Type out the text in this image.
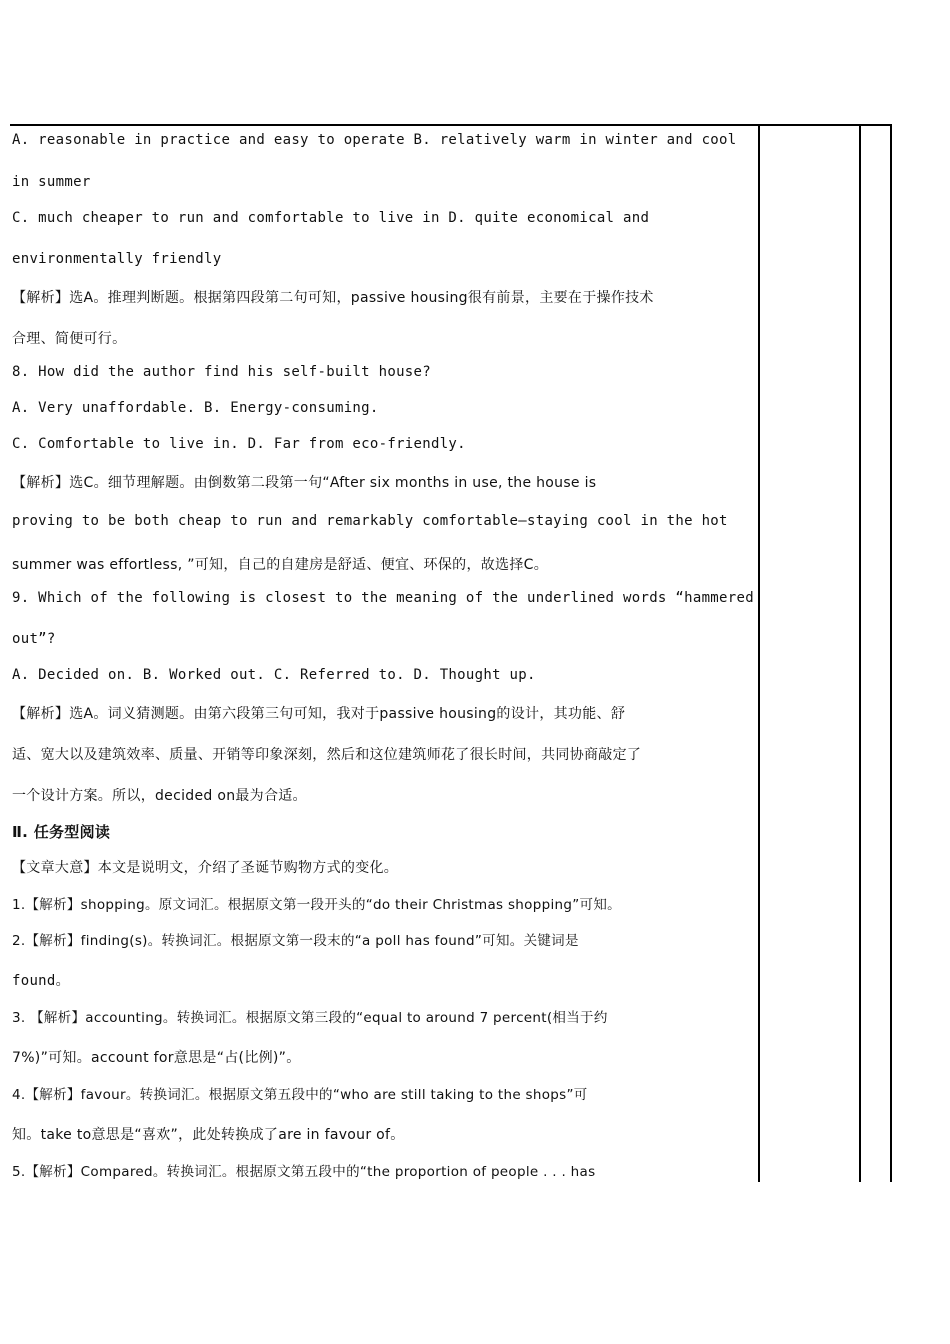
A. reasonable in practice and easy to operate B. relatively warm in winter and cool
in summer
C. much cheaper to run and comfortable to live in D. quite economical and
environmentally friendly
【解析】选A。推理判断题。根据第四段第二句可知，passive housing很有前景，主要在于操作技术
合理、简便可行。
8. How did the author find his self-built house?
A. Very unaffordable. B. Energy-consuming.
C. Comfortable to live in. D. Far from eco-friendly.
【解析】选C。细节理解题。由倒数第二段第一句“After six months in use, the house is
proving to be both cheap to run and remarkably comfortable—staying cool in the hot
summer was effortless, ”可知，自己的自建房是舒适、便宜、环保的，故选择C。
9. Which of the following is closest to the meaning of the underlined words “hammered
out”?
A. Decided on. B. Worked out. C. Referred to. D. Thought up.
【解析】选A。词义猜测题。由第六段第三句可知，我对于passive housing的设计，其功能、舒
适、宽大以及建筑效率、质量、开销等印象深刻，然后和这位建筑师花了很长时间，共同协商敲定了
一个设计方案。所以，decided on最为合适。
Ⅱ. 任务型阅读
【文章大意】本文是说明文，介绍了圣诞节购物方式的变化。
1.【解析】shopping。原文词汇。根据原文第一段开头的“do their Christmas shopping”可知。
2.【解析】finding(s)。转换词汇。根据原文第一段末的“a poll has found”可知。关键词是
found。
3. 【解析】accounting。转换词汇。根据原文第三段的“equal to around 7 percent(相当于约
7%)”可知。account for意思是“占(比例)”。
4.【解析】favour。转换词汇。根据原文第五段中的“who are still taking to the shops”可
知。take to意思是“喜欢”，此处转换成了are in favour of。
5.【解析】Compared。转换词汇。根据原文第五段中的“the proportion of people . . . has
